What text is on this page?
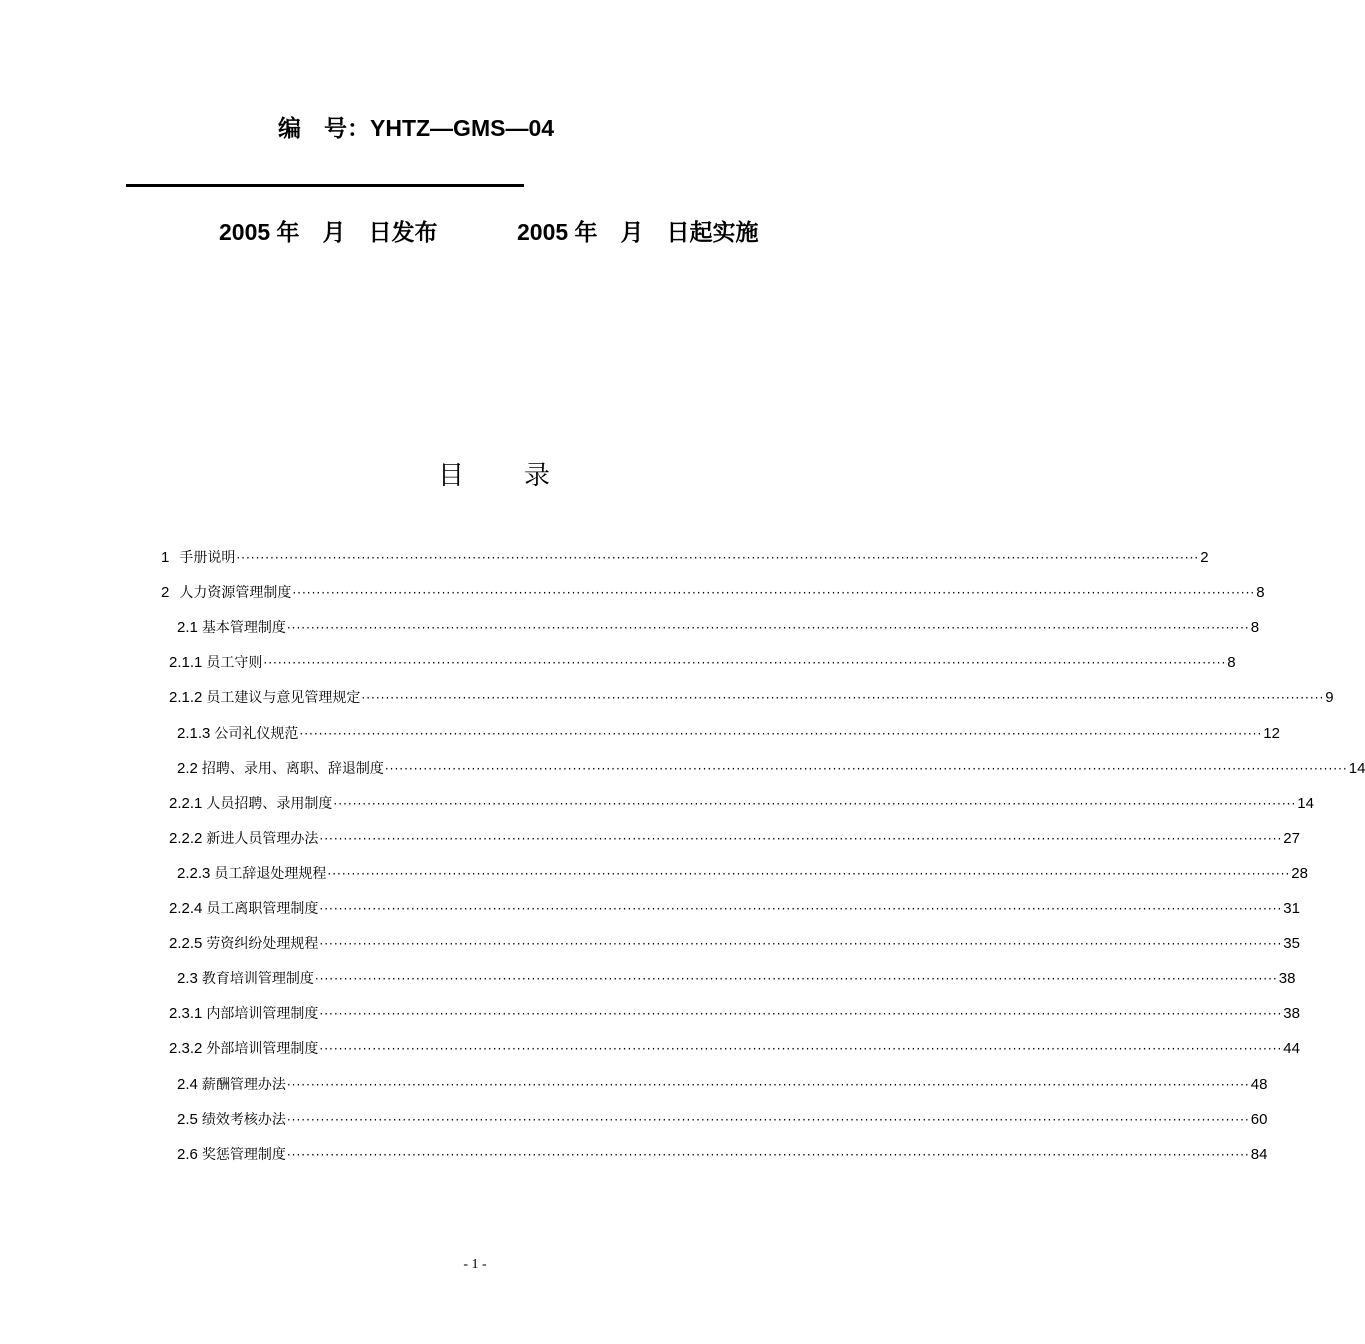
编　号：YHTZ—GMS—04
2005 年　月　日发布	2005 年　月　日起实施
目 录
1 手册说明 ········································································································································································································ 2
2 人力资源管理制度 ········································································································································································································ 8
2.1 基本管理制度 ········································································································································································································ 8
2.1.1 员工守则 ········································································································································································································ 8
2.1.2 员工建议与意见管理规定 ········································································································································································································ 9
2.1.3 公司礼仪规范 ········································································································································································································ 12
2.2 招聘、录用、离职、辞退制度 ········································································································································································································ 14
2.2.1 人员招聘、录用制度 ········································································································································································································ 14
2.2.2 新进人员管理办法 ········································································································································································································ 27
2.2.3 员工辞退处理规程 ········································································································································································································ 28
2.2.4 员工离职管理制度 ········································································································································································································ 31
2.2.5 劳资纠纷处理规程 ········································································································································································································ 35
2.3 教育培训管理制度 ········································································································································································································ 38
2.3.1 内部培训管理制度 ········································································································································································································ 38
2.3.2 外部培训管理制度 ········································································································································································································ 44
2.4 薪酬管理办法 ········································································································································································································ 48
2.5 绩效考核办法 ········································································································································································································ 60
2.6 奖惩管理制度 ········································································································································································································ 84
- 1 -
